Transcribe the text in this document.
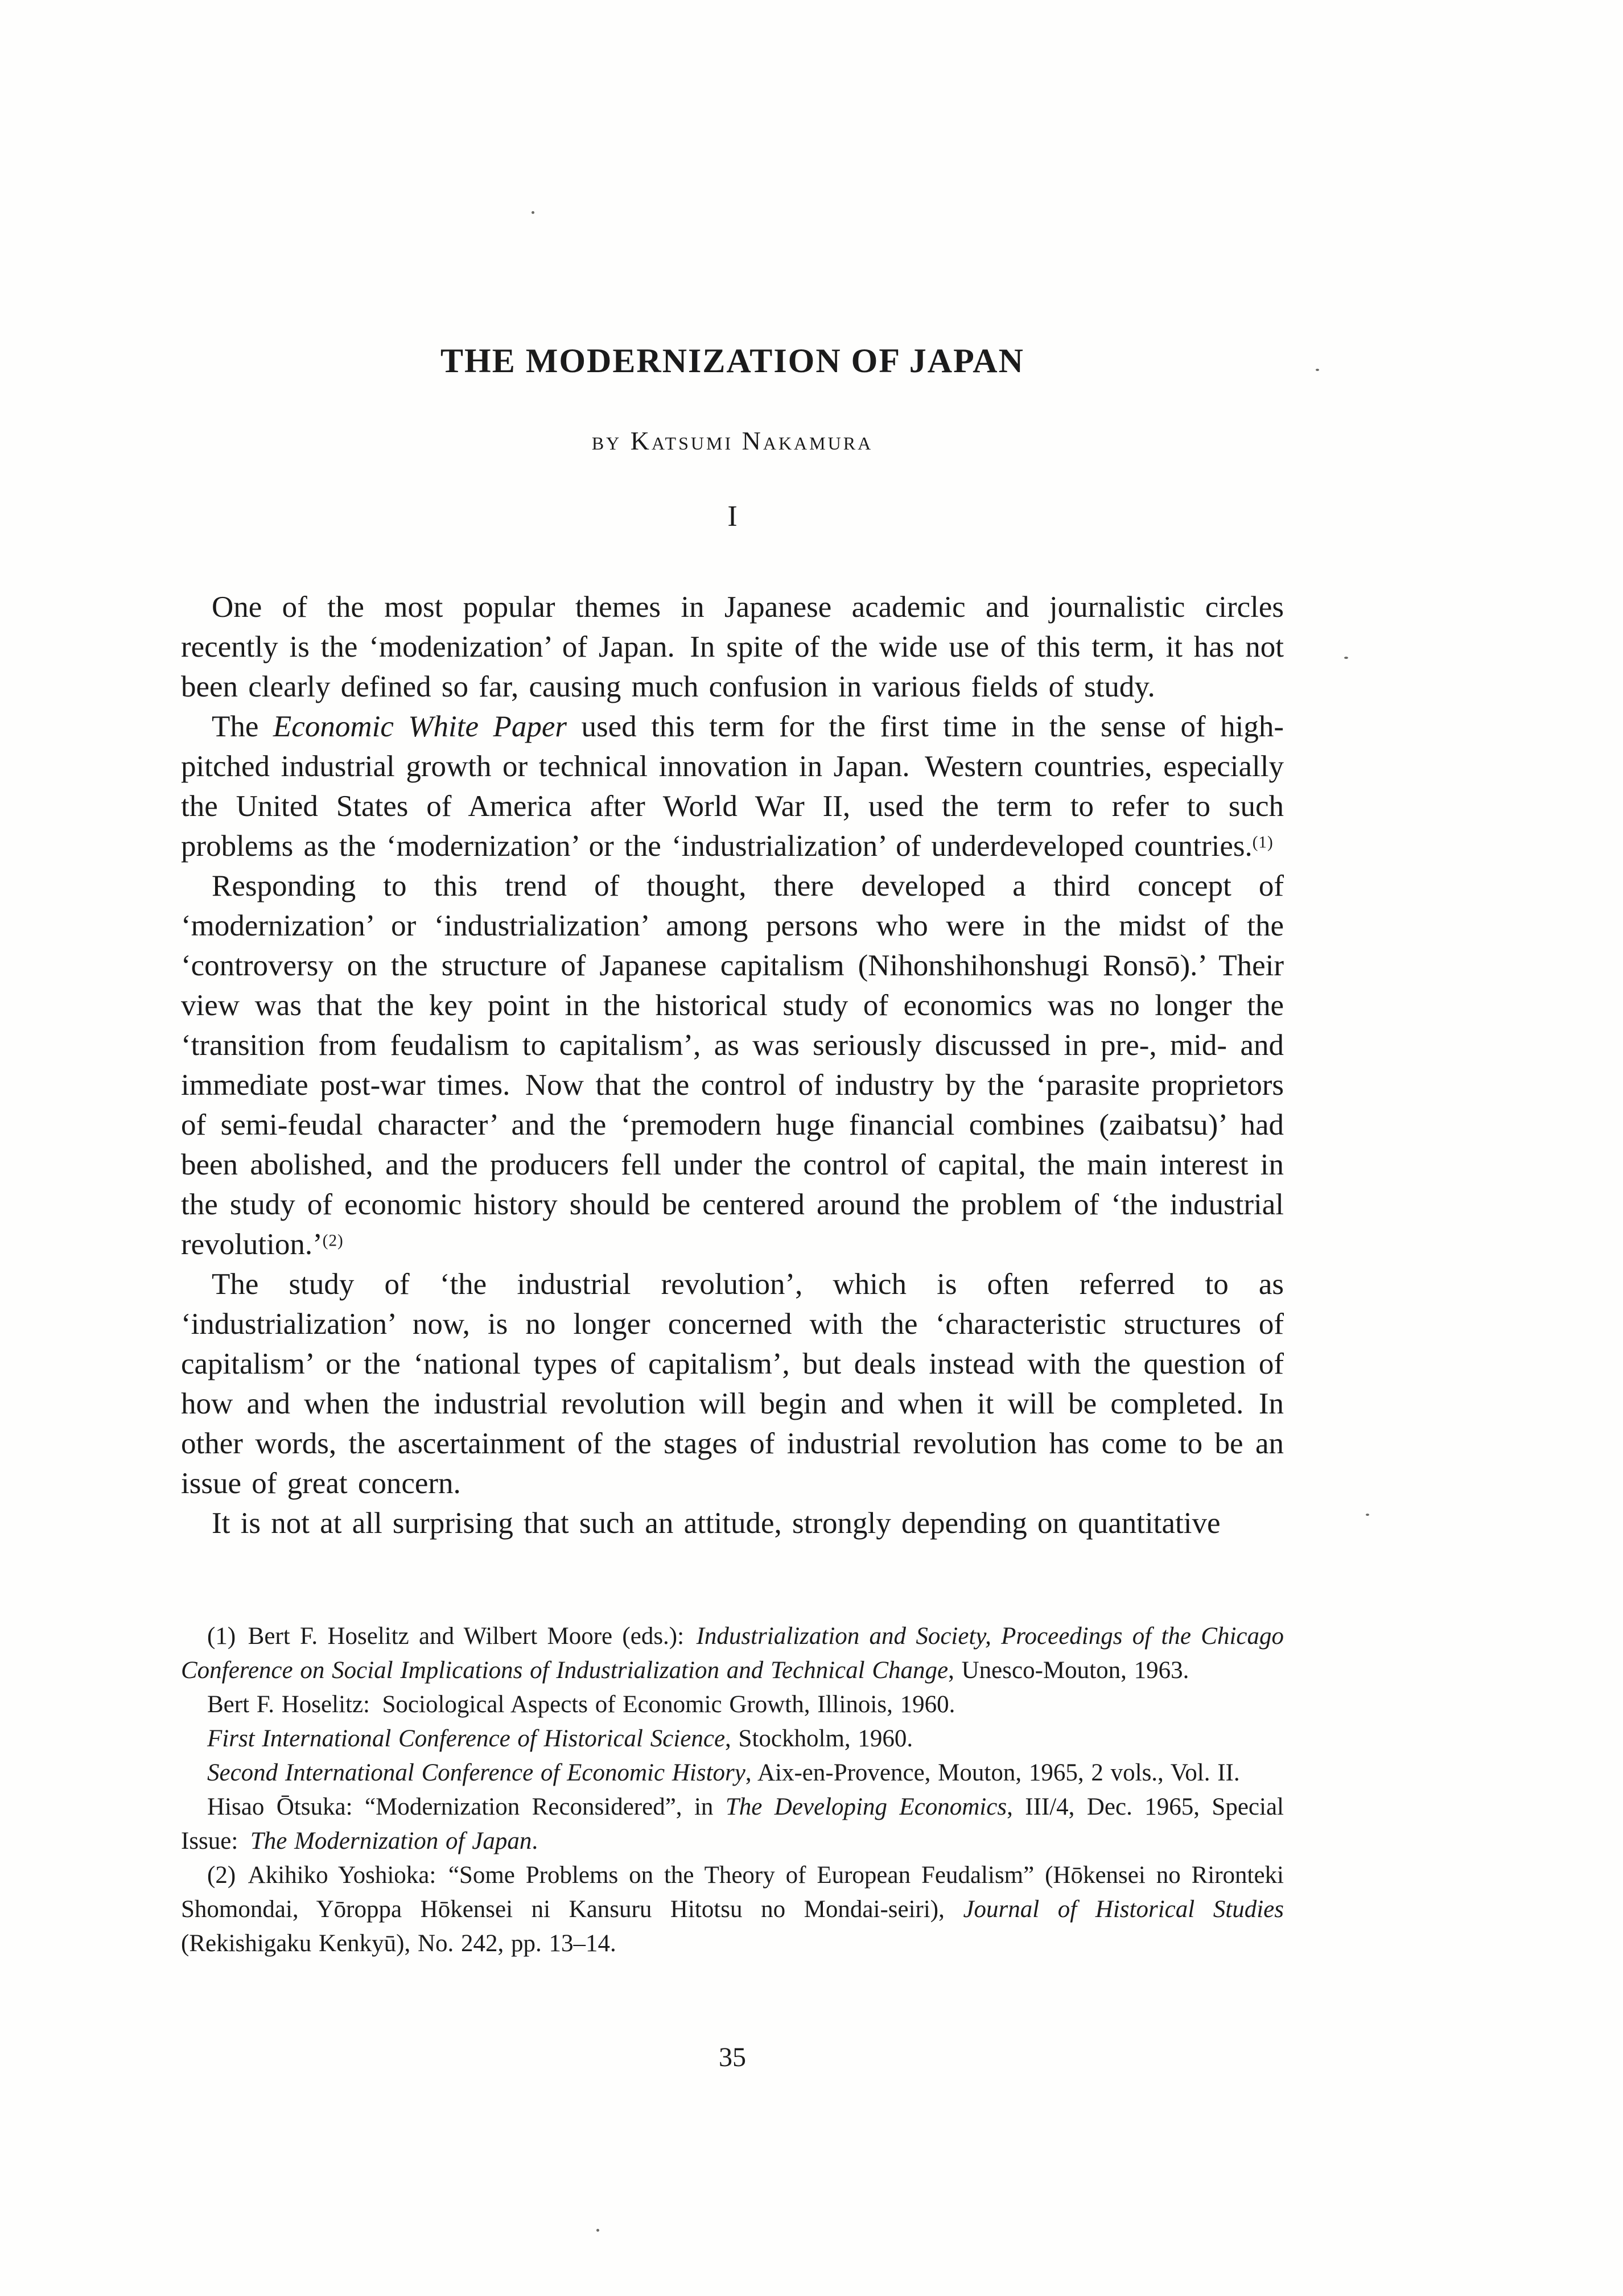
THE MODERNIZATION OF JAPAN
by Katsumi Nakamura
I

One of the most popular themes in Japanese academic and journalistic circles recently is the ‘modenization’ of Japan. In spite of the wide use of this term, it has not been clearly defined so far, causing much confusion in various fields of study.

The Economic White Paper used this term for the first time in the sense of high-pitched industrial growth or technical innovation in Japan. Western countries, especially the United States of America after World War II, used the term to refer to such problems as the ‘modernization’ or the ‘industrialization’ of underdeveloped countries.$^{(1)}$

Responding to this trend of thought, there developed a third concept of ‘modernization’ or ‘industrialization’ among persons who were in the midst of the ‘controversy on the structure of Japanese capitalism (Nihonshihonshugi Ronsō).’ Their view was that the key point in the historical study of economics was no longer the ‘transition from feudalism to capitalism’, as was seriously discussed in pre-, mid- and immediate post-war times. Now that the control of industry by the ‘parasite proprietors of semi-feudal character’ and the ‘premodern huge financial combines (zaibatsu)’ had been abolished, and the producers fell under the control of capital, the main interest in the study of economic history should be centered around the problem of ‘the industrial revolution.’$^{(2)}$

The study of ‘the industrial revolution’, which is often referred to as ‘industrialization’ now, is no longer concerned with the ‘characteristic structures of capitalism’ or the ‘national types of capitalism’, but deals instead with the question of how and when the industrial revolution will begin and when it will be completed. In other words, the ascertainment of the stages of industrial revolution has come to be an issue of great concern.

It is not at all surprising that such an attitude, strongly depending on quantitative

(1) Bert F. Hoselitz and Wilbert Moore (eds.): Industrialization and Society, Proceedings of the Chicago Conference on Social Implications of Industrialization and Technical Change, Unesco-Mouton, 1963.

Bert F. Hoselitz: Sociological Aspects of Economic Growth, Illinois, 1960.

First International Conference of Historical Science, Stockholm, 1960.

Second International Conference of Economic History, Aix-en-Provence, Mouton, 1965, 2 vols., Vol. II.

Hisao Ōtsuka: “Modernization Reconsidered”, in The Developing Economics, III/4, Dec. 1965, Special Issue: The Modernization of Japan.

(2) Akihiko Yoshioka: “Some Problems on the Theory of European Feudalism” (Hōkensei no Rironteki Shomondai, Yōroppa Hōkensei ni Kansuru Hitotsu no Mondai-seiri), Journal of Historical Studies (Rekishigaku Kenkyū), No. 242, pp. 13–14.

35
